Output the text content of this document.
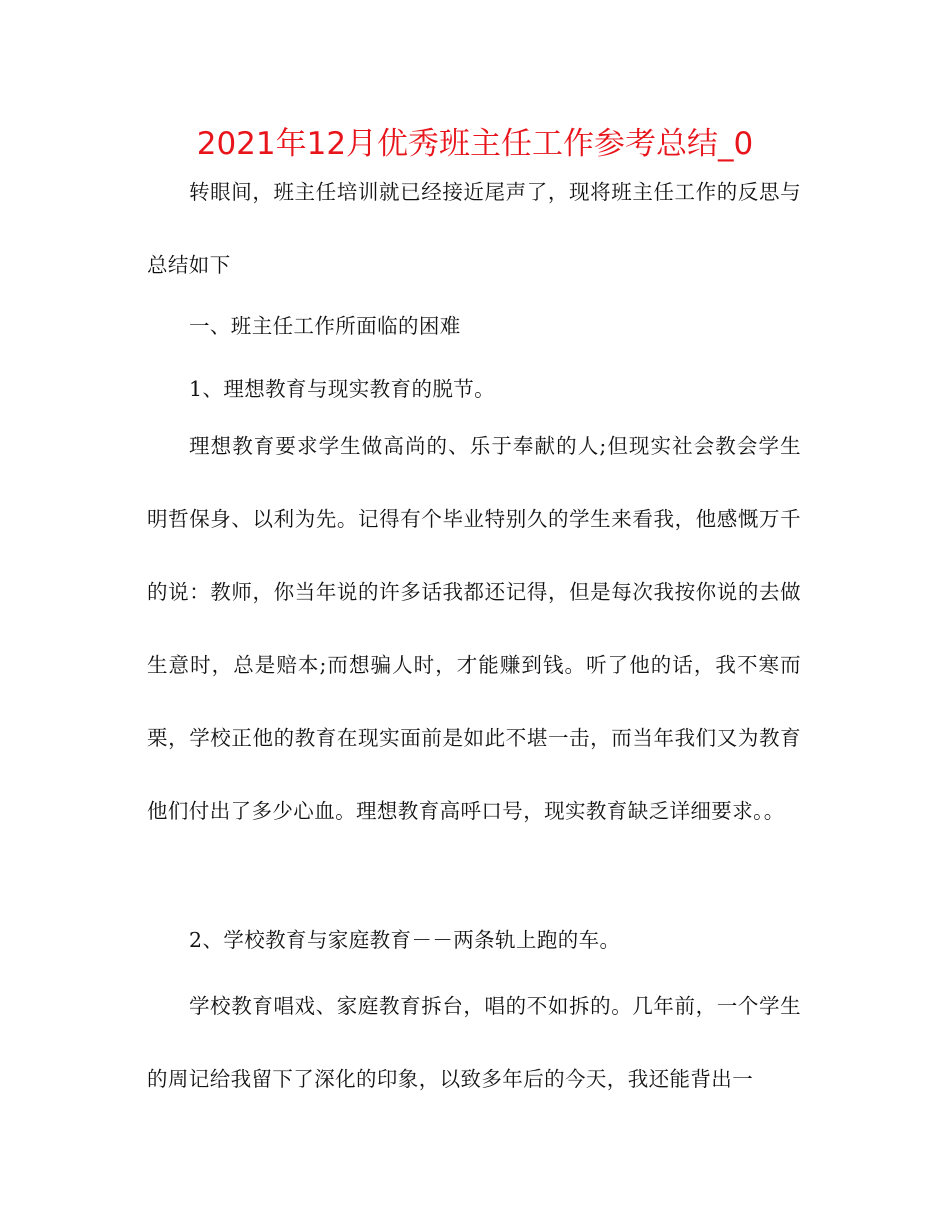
2021年12月优秀班主任工作参考总结_0

转眼间，班主任培训就已经接近尾声了，现将班主任工作的反思与总结如下

一、班主任工作所面临的困难

1、理想教育与现实教育的脱节。

理想教育要求学生做高尚的、乐于奉献的人;但现实社会教会学生明哲保身、以利为先。记得有个毕业特别久的学生来看我，他感慨万千的说：教师，你当年说的许多话我都还记得，但是每次我按你说的去做生意时，总是赔本;而想骗人时，才能赚到钱。听了他的话，我不寒而栗，学校正他的教育在现实面前是如此不堪一击，而当年我们又为教育他们付出了多少心血。理想教育高呼口号，现实教育缺乏详细要求。。

2、学校教育与家庭教育－－两条轨上跑的车。

学校教育唱戏、家庭教育拆台，唱的不如拆的。几年前，一个学生的周记给我留下了深化的印象，以致多年后的今天，我还能背出一
